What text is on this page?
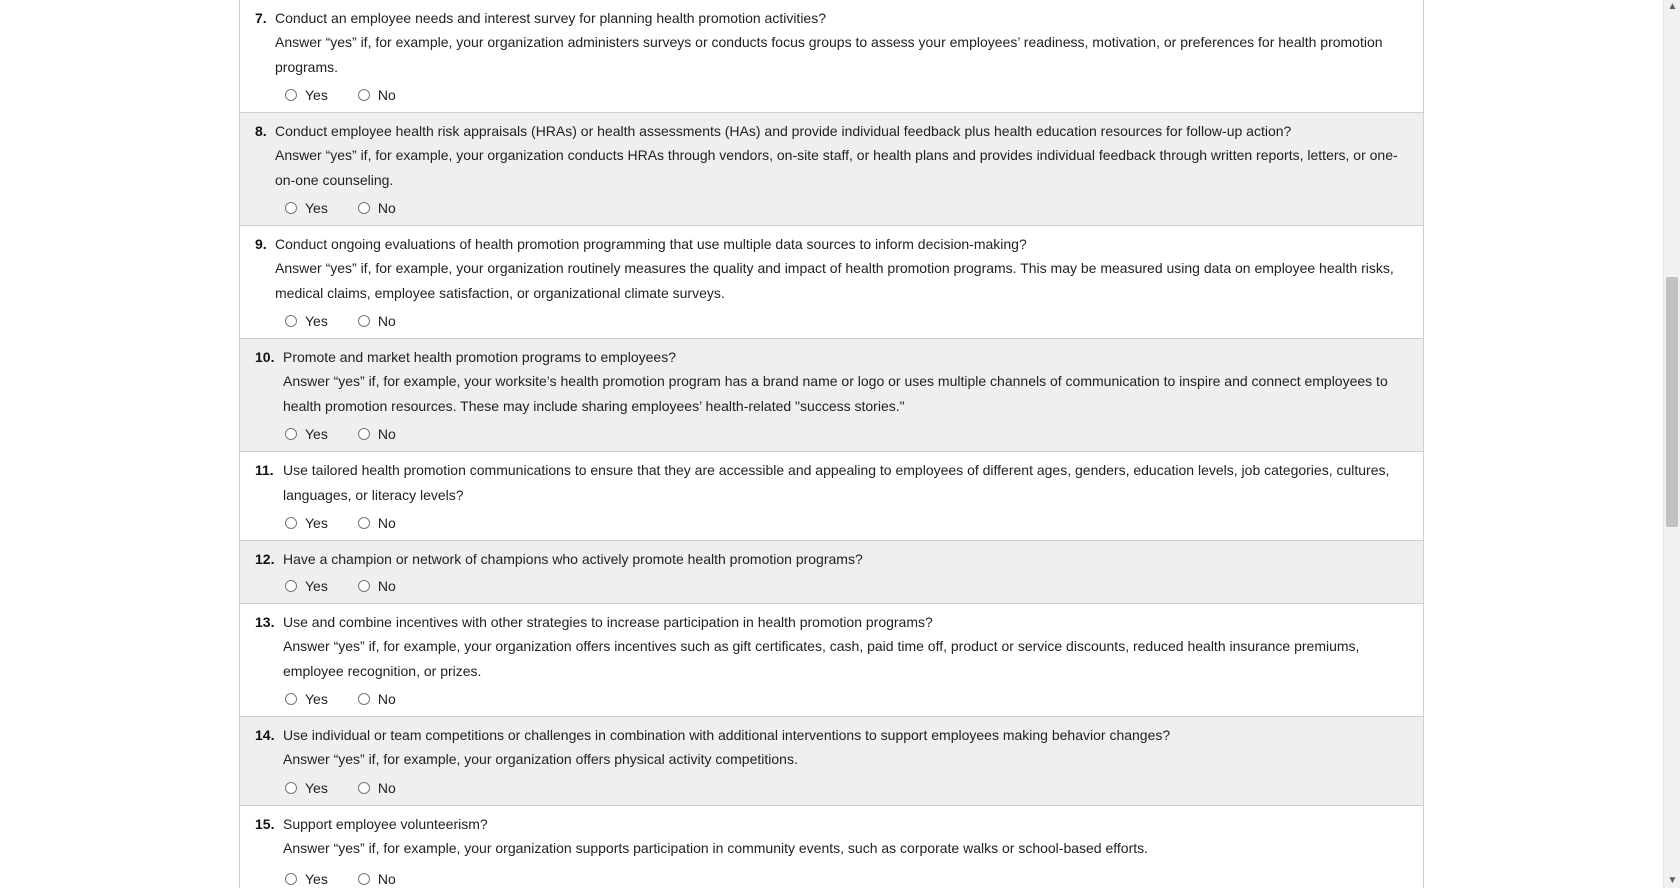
7. Conduct an employee needs and interest survey for planning health promotion activities?
Answer “yes” if, for example, your organization administers surveys or conducts focus groups to assess your employees’ readiness, motivation, or preferences for health promotion programs.
Yes	No
8. Conduct employee health risk appraisals (HRAs) or health assessments (HAs) and provide individual feedback plus health education resources for follow-up action?
Answer “yes” if, for example, your organization conducts HRAs through vendors, on-site staff, or health plans and provides individual feedback through written reports, letters, or one-on-one counseling.
Yes	No
9. Conduct ongoing evaluations of health promotion programming that use multiple data sources to inform decision-making?
Answer “yes” if, for example, your organization routinely measures the quality and impact of health promotion programs. This may be measured using data on employee health risks, medical claims, employee satisfaction, or organizational climate surveys.
Yes	No
10. Promote and market health promotion programs to employees?
Answer “yes” if, for example, your worksite’s health promotion program has a brand name or logo or uses multiple channels of communication to inspire and connect employees to health promotion resources. These may include sharing employees’ health-related "success stories."
Yes	No
11. Use tailored health promotion communications to ensure that they are accessible and appealing to employees of different ages, genders, education levels, job categories, cultures, languages, or literacy levels?
Yes	No
12. Have a champion or network of champions who actively promote health promotion programs?
Yes	No
13. Use and combine incentives with other strategies to increase participation in health promotion programs?
Answer “yes” if, for example, your organization offers incentives such as gift certificates, cash, paid time off, product or service discounts, reduced health insurance premiums, employee recognition, or prizes.
Yes	No
14. Use individual or team competitions or challenges in combination with additional interventions to support employees making behavior changes?
Answer “yes” if, for example, your organization offers physical activity competitions.
Yes	No
15. Support employee volunteerism?
Answer “yes” if, for example, your organization supports participation in community events, such as corporate walks or school-based efforts.
Yes	No
▲
▼
